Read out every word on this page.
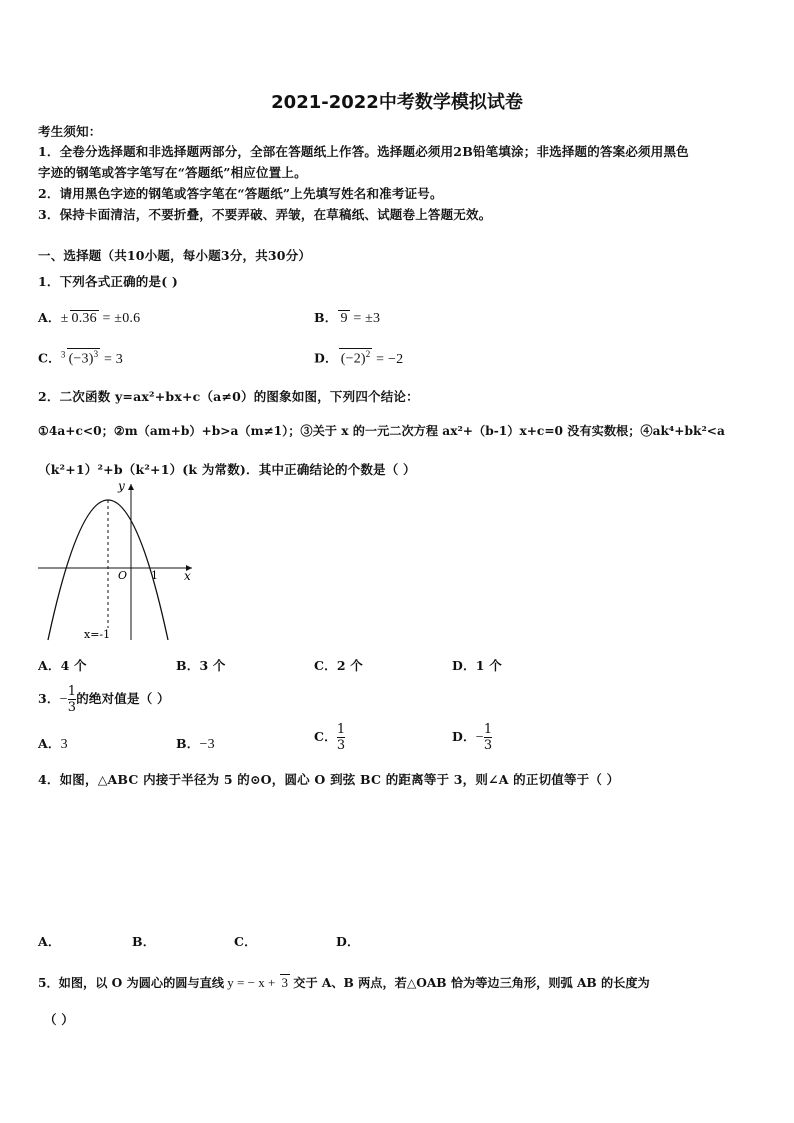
2021-2022中考数学模拟试卷
考生须知：
1．全卷分选择题和非选择题两部分，全部在答题纸上作答。选择题必须用2B铅笔填涂；非选择题的答案必须用黑色
字迹的钢笔或答字笔写在“答题纸”相应位置上。
2．请用黑色字迹的钢笔或答字笔在“答题纸”上先填写姓名和准考证号。
3．保持卡面清洁，不要折叠，不要弄破、弄皱，在草稿纸、试题卷上答题无效。
一、选择题（共10小题，每小题3分，共30分）
1．下列各式正确的是( )
A．± 0.36 = ±0.6	B． 9 = ±3
C．$^3$ $(-3)^3 = 3$	D． $(-2)^2 = -2$
2．二次函数 y=ax²+bx+c（a≠0）的图象如图，下列四个结论：
①4a+c<0；②m（am+b）+b>a（m≠1）；③关于 x 的一元二次方程 ax²+（b-1）x+c=0 没有实数根；④ak⁴+bk²<a
（k²+1）²+b（k²+1）(k 为常数)．其中正确结论的个数是（ ）
y
x
O 1
x=-1
A．4 个	B．3 个	C．2 个	D．1 个
3．− $\frac{1}{3}$ 的绝对值是（ ）
A．3	B．−3
C． $\frac{1}{3}$	D．− $\frac{1}{3}$
4．如图，△ABC 内接于半径为 5 的⊙O，圆心 O 到弦 BC 的距离等于 3，则∠A 的正切值等于（ ）
A．	B．	C．	D．
5．如图，以 O 为圆心的圆与直线 y = − x + 3 交于 A、B 两点，若△OAB 恰为等边三角形，则弧 AB 的长度为
（ ）
